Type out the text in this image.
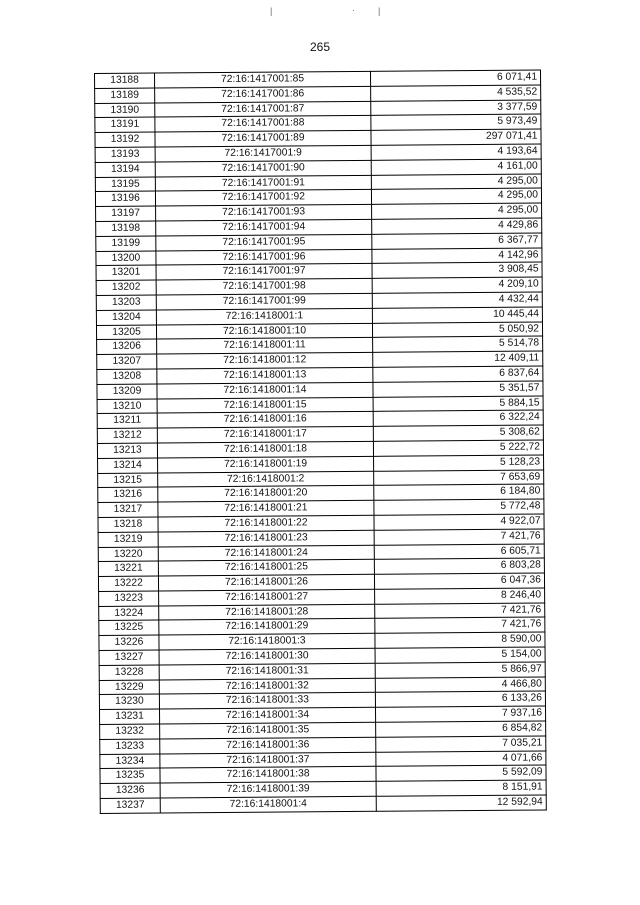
|	·	|
265
13188	72:16:1417001:85	6 071,41
13189	72:16:1417001:86	4 535,52
13190	72:16:1417001:87	3 377,59
13191	72:16:1417001:88	5 973,49
13192	72:16:1417001:89	297 071,41
13193	72:16:1417001:9	4 193,64
13194	72:16:1417001:90	4 161,00
13195	72:16:1417001:91	4 295,00
13196	72:16:1417001:92	4 295,00
13197	72:16:1417001:93	4 295,00
13198	72:16:1417001:94	4 429,86
13199	72:16:1417001:95	6 367,77
13200	72:16:1417001:96	4 142,96
13201	72:16:1417001:97	3 908,45
13202	72:16:1417001:98	4 209,10
13203	72:16:1417001:99	4 432,44
13204	72:16:1418001:1	10 445,44
13205	72:16:1418001:10	5 050,92
13206	72:16:1418001:11	5 514,78
13207	72:16:1418001:12	12 409,11
13208	72:16:1418001:13	6 837,64
13209	72:16:1418001:14	5 351,57
13210	72:16:1418001:15	5 884,15
13211	72:16:1418001:16	6 322,24
13212	72:16:1418001:17	5 308,62
13213	72:16:1418001:18	5 222,72
13214	72:16:1418001:19	5 128,23
13215	72:16:1418001:2	7 653,69
13216	72:16:1418001:20	6 184,80
13217	72:16:1418001:21	5 772,48
13218	72:16:1418001:22	4 922,07
13219	72:16:1418001:23	7 421,76
13220	72:16:1418001:24	6 605,71
13221	72:16:1418001:25	6 803,28
13222	72:16:1418001:26	6 047,36
13223	72:16:1418001:27	8 246,40
13224	72:16:1418001:28	7 421,76
13225	72:16:1418001:29	7 421,76
13226	72:16:1418001:3	8 590,00
13227	72:16:1418001:30	5 154,00
13228	72:16:1418001:31	5 866,97
13229	72:16:1418001:32	4 466,80
13230	72:16:1418001:33	6 133,26
13231	72:16:1418001:34	7 937,16
13232	72:16:1418001:35	6 854,82
13233	72:16:1418001:36	7 035,21
13234	72:16:1418001:37	4 071,66
13235	72:16:1418001:38	5 592,09
13236	72:16:1418001:39	8 151,91
13237	72:16:1418001:4	12 592,94
